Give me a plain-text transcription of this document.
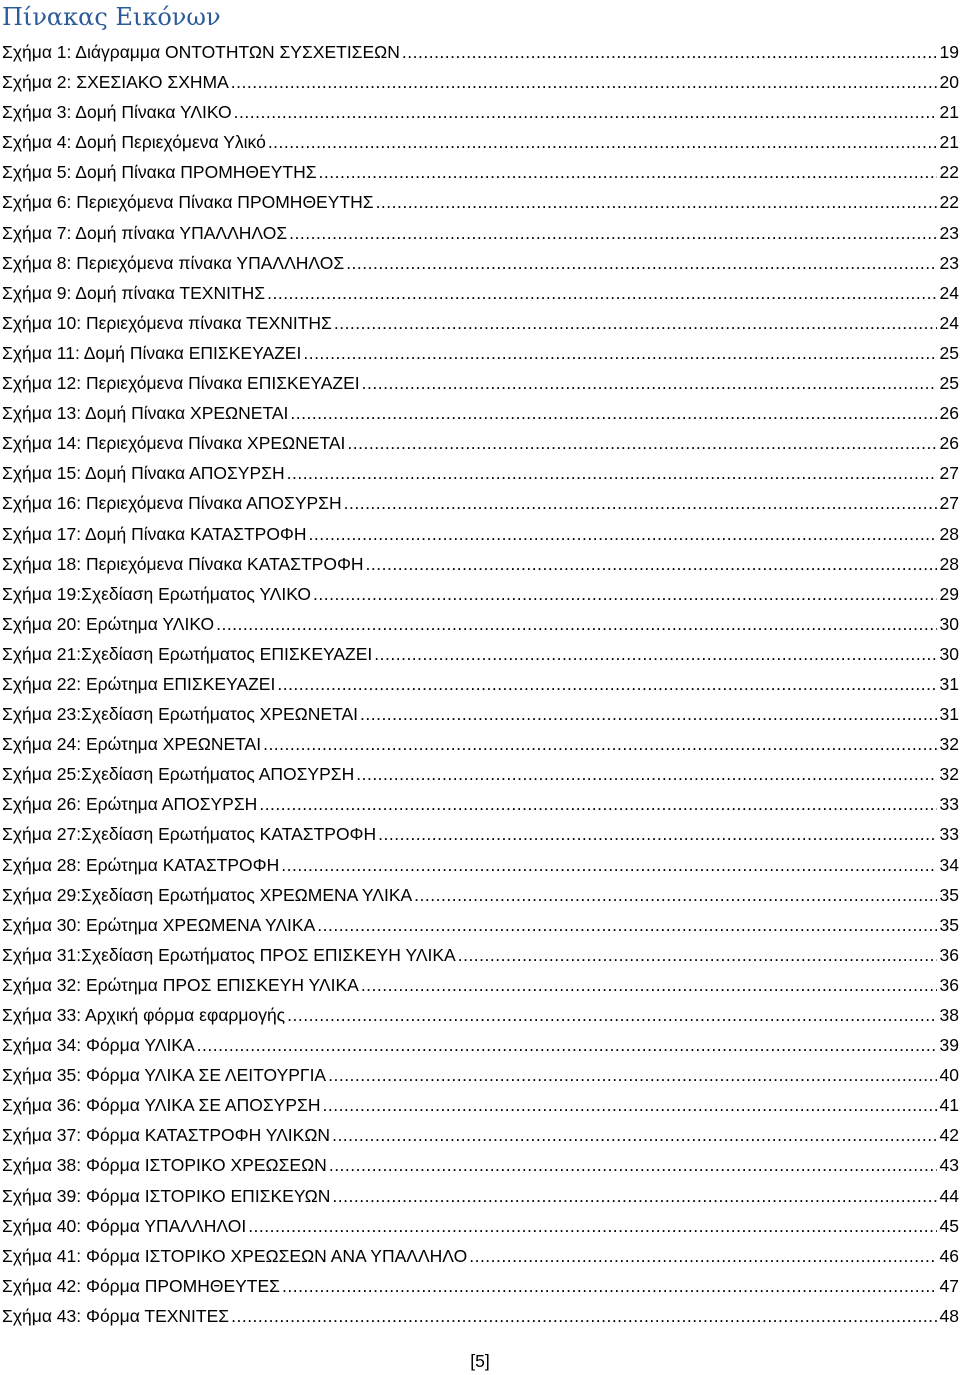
Πίνακας Εικόνων
Σχήμα 1: Διάγραμμα ΟΝΤΟΤΗΤΩΝ ΣΥΣΧΕΤΙΣΕΩΝ .....	19
Σχήμα 2: ΣΧΕΣΙΑΚΟ ΣΧΗΜΑ .....	20
Σχήμα 3: Δομή Πίνακα ΥΛΙΚΟ .....	21
Σχήμα 4: Δομή Περιεχόμενα Υλικό .....	21
Σχήμα 5: Δομή Πίνακα ΠΡΟΜΗΘΕΥΤΗΣ .....	22
Σχήμα 6: Περιεχόμενα Πίνακα ΠΡΟΜΗΘΕΥΤΗΣ .....	22
Σχήμα 7: Δομή πίνακα ΥΠΑΛΛΗΛΟΣ .....	23
Σχήμα 8: Περιεχόμενα πίνακα ΥΠΑΛΛΗΛΟΣ .....	23
Σχήμα 9: Δομή πίνακα ΤΕΧΝΙΤΗΣ .....	24
Σχήμα 10: Περιεχόμενα πίνακα ΤΕΧΝΙΤΗΣ .....	24
Σχήμα 11: Δομή Πίνακα ΕΠΙΣΚΕΥΑΖΕΙ .....	25
Σχήμα 12: Περιεχόμενα Πίνακα ΕΠΙΣΚΕΥΑΖΕΙ .....	25
Σχήμα 13: Δομή Πίνακα ΧΡΕΩΝΕΤΑΙ .....	26
Σχήμα 14: Περιεχόμενα Πίνακα ΧΡΕΩΝΕΤΑΙ .....	26
Σχήμα 15: Δομή Πίνακα ΑΠΟΣΥΡΣΗ .....	27
Σχήμα 16: Περιεχόμενα Πίνακα ΑΠΟΣΥΡΣΗ .....	27
Σχήμα 17: Δομή Πίνακα ΚΑΤΑΣΤΡΟΦΗ .....	28
Σχήμα 18: Περιεχόμενα Πίνακα ΚΑΤΑΣΤΡΟΦΗ .....	28
Σχήμα 19:Σχεδίαση Ερωτήματος ΥΛΙΚΟ .....	29
Σχήμα 20: Ερώτημα ΥΛΙΚΟ .....	30
Σχήμα 21:Σχεδίαση Ερωτήματος ΕΠΙΣΚΕΥΑΖΕΙ .....	30
Σχήμα 22: Ερώτημα ΕΠΙΣΚΕΥΑΖΕΙ .....	31
Σχήμα 23:Σχεδίαση Ερωτήματος ΧΡΕΩΝΕΤΑΙ .....	31
Σχήμα 24: Ερώτημα ΧΡΕΩΝΕΤΑΙ .....	32
Σχήμα 25:Σχεδίαση Ερωτήματος ΑΠΟΣΥΡΣΗ .....	32
Σχήμα 26: Ερώτημα ΑΠΟΣΥΡΣΗ .....	33
Σχήμα 27:Σχεδίαση Ερωτήματος ΚΑΤΑΣΤΡΟΦΗ .....	33
Σχήμα 28: Ερώτημα ΚΑΤΑΣΤΡΟΦΗ .....	34
Σχήμα 29:Σχεδίαση Ερωτήματος ΧΡΕΩΜΕΝΑ ΥΛΙΚΑ .....	35
Σχήμα 30: Ερώτημα ΧΡΕΩΜΕΝΑ ΥΛΙΚΑ .....	35
Σχήμα 31:Σχεδίαση Ερωτήματος ΠΡΟΣ ΕΠΙΣΚΕΥΗ ΥΛΙΚΑ .....	36
Σχήμα 32: Ερώτημα ΠΡΟΣ ΕΠΙΣΚΕΥΗ ΥΛΙΚΑ .....	36
Σχήμα 33: Αρχική φόρμα εφαρμογής .....	38
Σχήμα 34: Φόρμα ΥΛΙΚΑ .....	39
Σχήμα 35: Φόρμα ΥΛΙΚΑ ΣΕ ΛΕΙΤΟΥΡΓΙΑ .....	40
Σχήμα 36: Φόρμα ΥΛΙΚΑ ΣΕ ΑΠΟΣΥΡΣΗ .....	41
Σχήμα 37: Φόρμα ΚΑΤΑΣΤΡΟΦΗ ΥΛΙΚΩΝ .....	42
Σχήμα 38: Φόρμα ΙΣΤΟΡΙΚΟ ΧΡΕΩΣΕΩΝ .....	43
Σχήμα 39: Φόρμα ΙΣΤΟΡΙΚΟ ΕΠΙΣΚΕΥΩΝ .....	44
Σχήμα 40: Φόρμα ΥΠΑΛΛΗΛΟΙ .....	45
Σχήμα 41: Φόρμα ΙΣΤΟΡΙΚΟ ΧΡΕΩΣΕΩΝ ΑΝΑ ΥΠΑΛΛΗΛΟ .....	46
Σχήμα 42: Φόρμα ΠΡΟΜΗΘΕΥΤΕΣ .....	47
Σχήμα 43: Φόρμα ΤΕΧΝΙΤΕΣ .....	48
[5]
